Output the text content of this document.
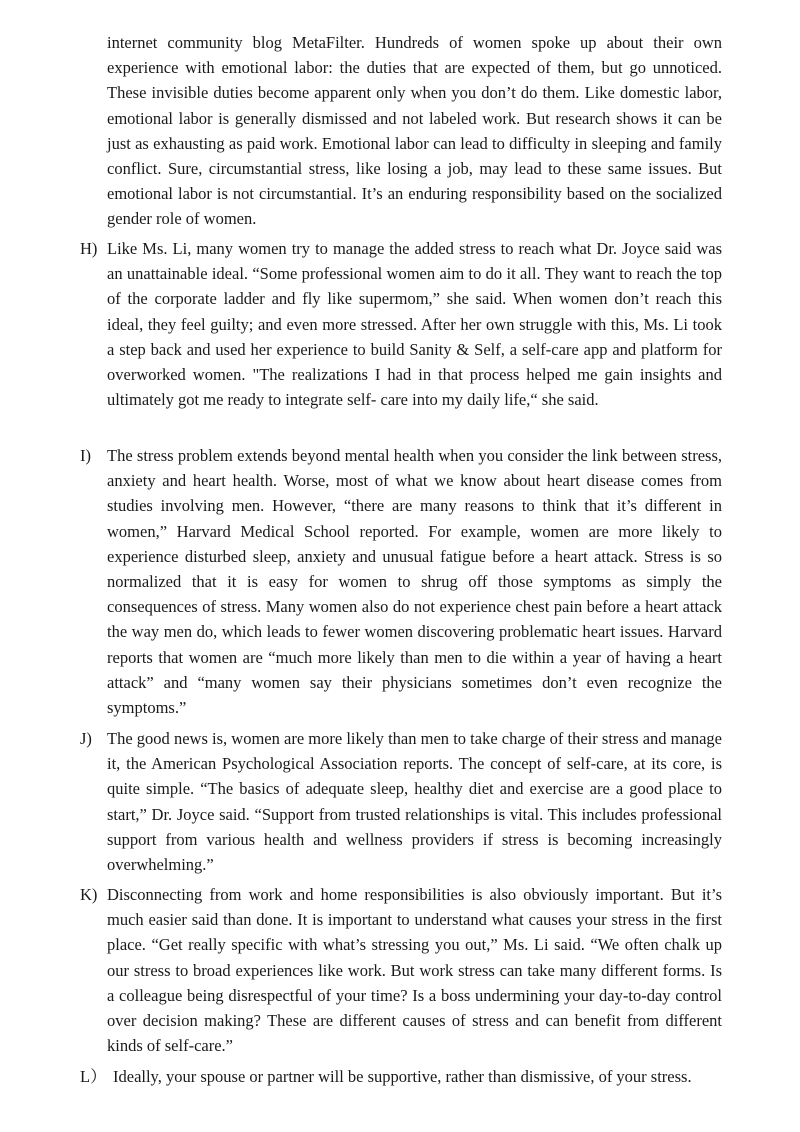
internet community blog MetaFilter. Hundreds of women spoke up about their own experience with emotional labor: the duties that are expected of them, but go unnoticed. These invisible duties become apparent only when you don’t do them. Like domestic labor, emotional labor is generally dismissed and not labeled work. But research shows it can be just as exhausting as paid work. Emotional labor can lead to difficulty in sleeping and family conflict. Sure, circumstantial stress, like losing a job, may lead to these same issues. But emotional labor is not circumstantial. It’s an enduring responsibility based on the socialized gender role of women.
H) Like Ms. Li, many women try to manage the added stress to reach what Dr. Joyce said was an unattainable ideal. “Some professional women aim to do it all. They want to reach the top of the corporate ladder and fly like supermom,” she said. When women don’t reach this ideal, they feel guilty; and even more stressed. After her own struggle with this, Ms. Li took a step back and used her experience to build Sanity & Self, a self-care app and platform for overworked women. "The realizations I had in that process helped me gain insights and ultimately got me ready to integrate self- care into my daily life,“ she said.
I) The stress problem extends beyond mental health when you consider the link between stress, anxiety and heart health. Worse, most of what we know about heart disease comes from studies involving men. However, “there are many reasons to think that it’s different in women,” Harvard Medical School reported. For example, women are more likely to experience disturbed sleep, anxiety and unusual fatigue before a heart attack. Stress is so normalized that it is easy for women to shrug off those symptoms as simply the consequences of stress. Many women also do not experience chest pain before a heart attack the way men do, which leads to fewer women discovering problematic heart issues. Harvard reports that women are “much more likely than men to die within a year of having a heart attack” and “many women say their physicians sometimes don’t even recognize the symptoms.”
J) The good news is, women are more likely than men to take charge of their stress and manage it, the American Psychological Association reports. The concept of self-care, at its core, is quite simple. “The basics of adequate sleep, healthy diet and exercise are a good place to start,” Dr. Joyce said. “Support from trusted relationships is vital. This includes professional support from various health and wellness providers if stress is becoming increasingly overwhelming.”
K) Disconnecting from work and home responsibilities is also obviously important. But it’s much easier said than done. It is important to understand what causes your stress in the first place. “Get really specific with what’s stressing you out,” Ms. Li said. “We often chalk up our stress to broad experiences like work. But work stress can take many different forms. Is a colleague being disrespectful of your time? Is a boss undermining your day-to-day control over decision making? These are different causes of stress and can benefit from different kinds of self-care.”
L） Ideally, your spouse or partner will be supportive, rather than dismissive, of your stress.
